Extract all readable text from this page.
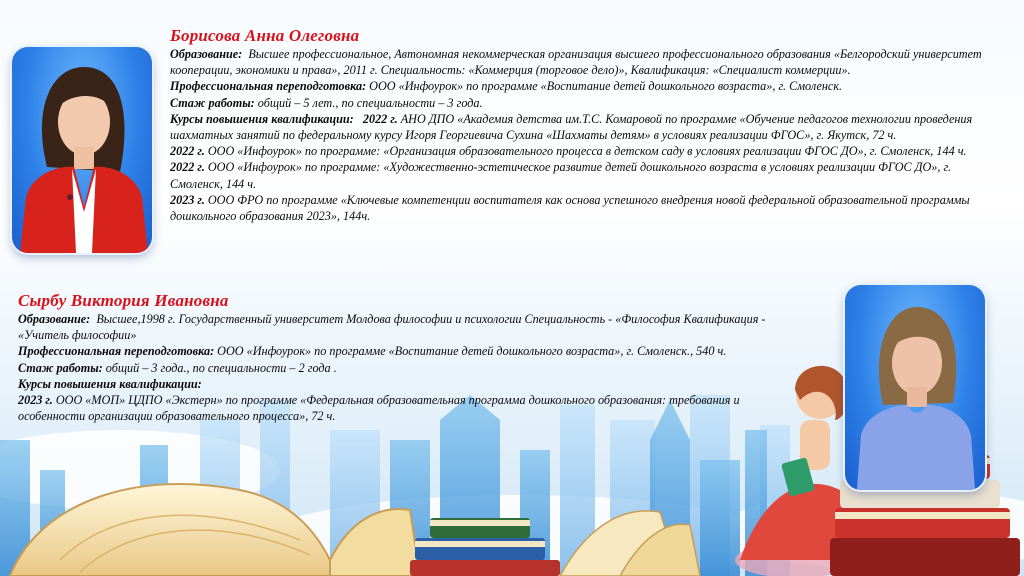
Борисова Анна Олеговна

Образование: Высшее профессиональное, Автономная некоммерческая организация высшего профессионального образования «Белгородский университет кооперации, экономики и права», 2011 г. Специальность: «Коммерция (торговое дело)», Квалификация: «Специалист коммерции».

Профессиональная переподготовка: ООО «Инфоурок» по программе «Воспитание детей дошкольного возраста», г. Смоленск.

Стаж работы: общий – 5 лет., по специальности – 3 года.

Курсы повышения квалификации: 2022 г. АНО ДПО «Академия детства им.Т.С. Комаровой по программе «Обучение педагогов технологии проведения шахматных занятий по федеральному курсу Игоря Георгиевича Сухина «Шахматы детям» в условиях реализации ФГОС», г. Якутск, 72 ч.

2022 г. ООО «Инфоурок» по программе: «Организация образовательного процесса в детском саду в условиях реализации ФГОС ДО», г. Смоленск, 144 ч.

2022 г. ООО «Инфоурок» по программе: «Художественно-эстетическое развитие детей дошкольного возраста в условиях реализации ФГОС ДО», г. Смоленск, 144 ч.

2023 г. ООО ФРО по программе «Ключевые компетенции воспитателя как основа успешного внедрения новой федеральной образовательной программы дошкольного образования 2023», 144ч.

Сырбу Виктория Ивановна

Образование: Высшее,1998 г. Государственный университет Молдова философии и психологии Специальность - «Философия Квалификация - «Учитель философии»

Профессиональная переподготовка: ООО «Инфоурок» по программе «Воспитание детей дошкольного возраста», г. Смоленск., 540 ч.

Стаж работы: общий – 3 года., по специальности – 2 года .

Курсы повышения квалификации:

2023 г. ООО «МОП» ЦДПО «Экстерн» по программе «Федеральная образовательная программа дошкольного образования: требования и особенности организации образовательного процесса», 72 ч.
